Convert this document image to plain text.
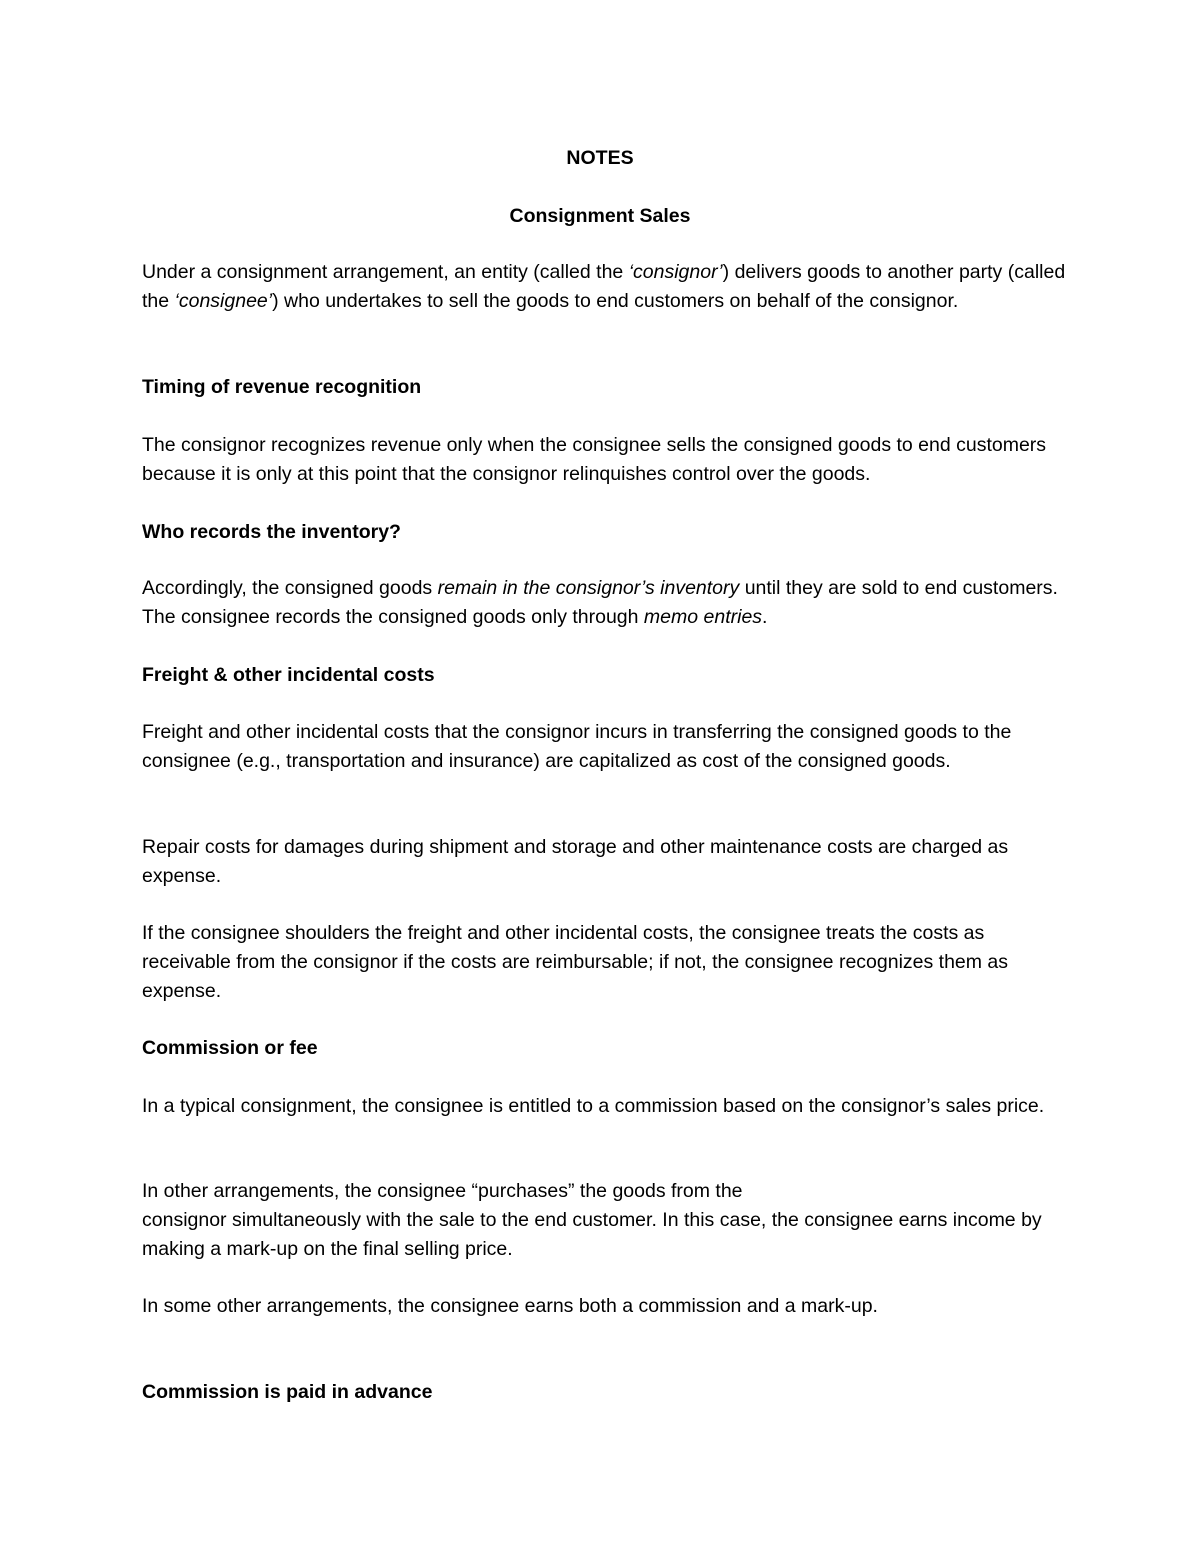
NOTES
Consignment Sales

Under a consignment arrangement, an entity (called the ‘consignor’) delivers goods to another party (called the ‘consignee’) who undertakes to sell the goods to end customers on behalf of the consignor.

Timing of revenue recognition

The consignor recognizes revenue only when the consignee sells the consigned goods to end customers because it is only at this point that the consignor relinquishes control over the goods.

Who records the inventory?

Accordingly, the consigned goods remain in the consignor’s inventory until they are sold to end customers. The consignee records the consigned goods only through memo entries.

Freight & other incidental costs

Freight and other incidental costs that the consignor incurs in transferring the consigned goods to the consignee (e.g., transportation and insurance) are capitalized as cost of the consigned goods.

Repair costs for damages during shipment and storage and other maintenance costs are charged as expense.

If the consignee shoulders the freight and other incidental costs, the consignee treats the costs as receivable from the consignor if the costs are reimbursable; if not, the consignee recognizes them as expense.

Commission or fee

In a typical consignment, the consignee is entitled to a commission based on the consignor’s sales price.

In other arrangements, the consignee “purchases” the goods from the
consignor simultaneously with the sale to the end customer. In this case, the consignee earns income by making a mark-up on the final selling price.

In some other arrangements, the consignee earns both a commission and a mark-up.

Commission is paid in advance
